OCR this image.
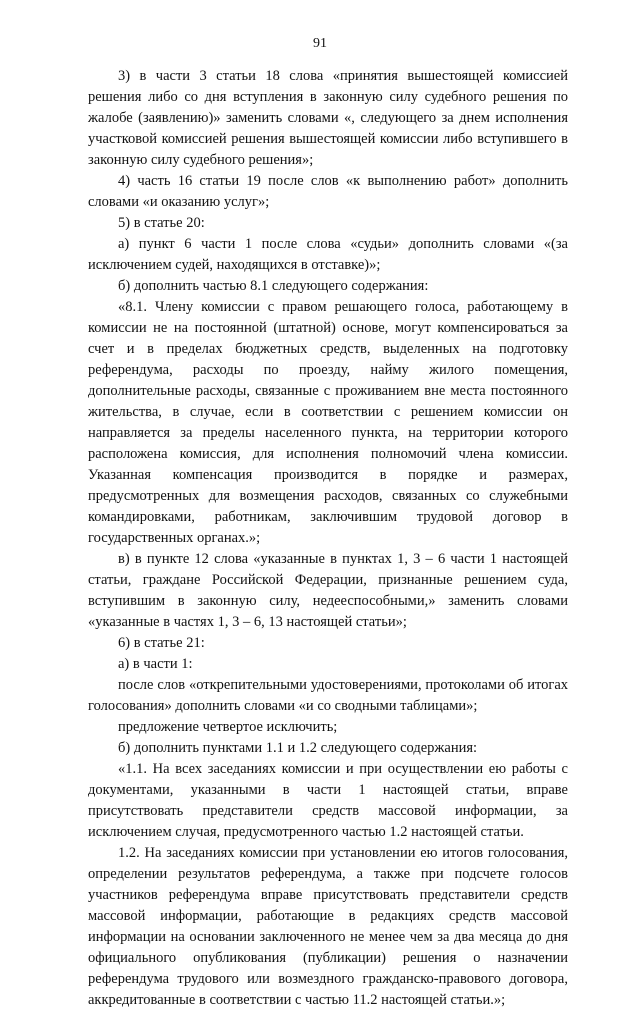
91

3) в части 3 статьи 18 слова «принятия вышестоящей комиссией решения либо со дня вступления в законную силу судебного решения по жалобе (заявлению)» заменить словами «, следующего за днем исполнения участковой комиссией решения вышестоящей комиссии либо вступившего в законную силу судебного решения»;

4) часть 16 статьи 19 после слов «к выполнению работ» дополнить словами «и оказанию услуг»;

5) в статье 20:

а) пункт 6 части 1 после слова «судьи» дополнить словами «(за исключением судей, находящихся в отставке)»;

б) дополнить частью 8.1 следующего содержания:

«8.1. Члену комиссии с правом решающего голоса, работающему в комиссии не на постоянной (штатной) основе, могут компенсироваться за счет и в пределах бюджетных средств, выделенных на подготовку референдума, расходы по проезду, найму жилого помещения, дополнительные расходы, связанные с проживанием вне места постоянного жительства, в случае, если в соответствии с решением комиссии он направляется за пределы населенного пункта, на территории которого расположена комиссия, для исполнения полномочий члена комиссии. Указанная компенсация производится в порядке и размерах, предусмотренных для возмещения расходов, связанных со служебными командировками, работникам, заключившим трудовой договор в государственных органах.»;

в) в пункте 12 слова «указанные в пунктах 1, 3 – 6 части 1 настоящей статьи, граждане Российской Федерации, признанные решением суда, вступившим в законную силу, недееспособными,» заменить словами «указанные в частях 1, 3 – 6, 13 настоящей статьи»;

6) в статье 21:

а) в части 1:

после слов «открепительными удостоверениями, протоколами об итогах голосования» дополнить словами «и со сводными таблицами»;

предложение четвертое исключить;

б) дополнить пунктами 1.1 и 1.2 следующего содержания:

«1.1. На всех заседаниях комиссии и при осуществлении ею работы с документами, указанными в части 1 настоящей статьи, вправе присутствовать представители средств массовой информации, за исключением случая, предусмотренного частью 1.2 настоящей статьи.

1.2. На заседаниях комиссии при установлении ею итогов голосования, определении результатов референдума, а также при подсчете голосов участников референдума вправе присутствовать представители средств массовой информации, работающие в редакциях средств массовой информации на основании заключенного не менее чем за два месяца до дня официального опубликования (публикации) решения о назначении референдума трудового или возмездного гражданско-правового договора, аккредитованные в соответствии с частью 11.2 настоящей статьи.»;
